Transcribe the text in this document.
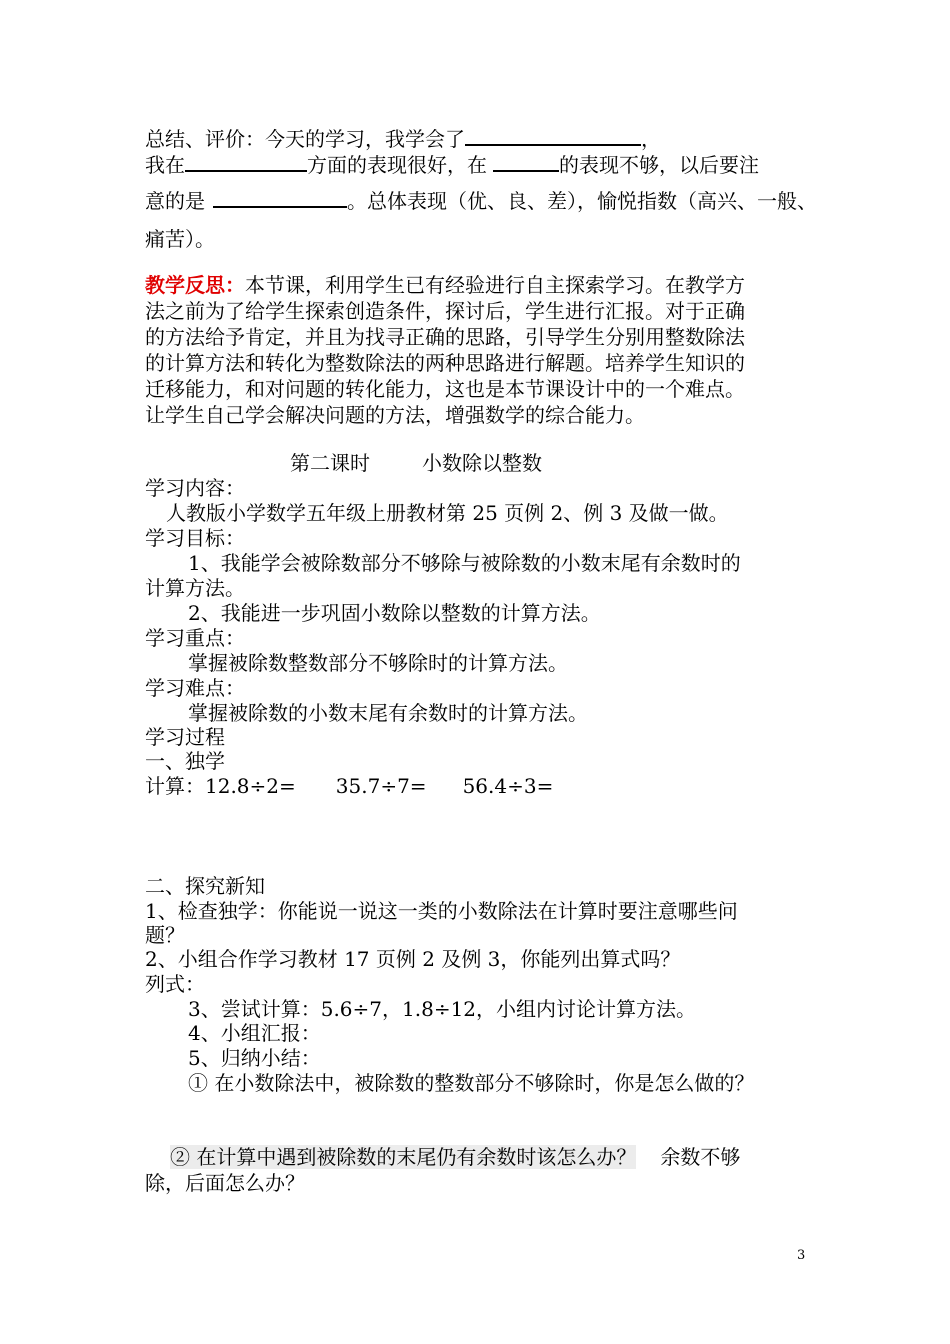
总结、评价：今天的学习，我学会了	，
我在	方面的表现很好，在	的表现不够，以后要注
意的是	。总体表现（优、良、差），愉悦指数（高兴、一般、
痛苦）。
教学反思：本节课，利用学生已有经验进行自主探索学习。在教学方
法之前为了给学生探索创造条件，探讨后，学生进行汇报。对于正确
的方法给予肯定，并且为找寻正确的思路，引导学生分别用整数除法
的计算方法和转化为整数除法的两种思路进行解题。培养学生知识的
迁移能力，和对问题的转化能力，这也是本节课设计中的一个难点。
让学生自己学会解决问题的方法，增强数学的综合能力。
第二课时	小数除以整数
学习内容：
人教版小学数学五年级上册教材第 25 页例 2、例 3 及做一做。
学习目标：
1、我能学会被除数部分不够除与被除数的小数末尾有余数时的
计算方法。
2、我能进一步巩固小数除以整数的计算方法。
学习重点：
掌握被除数整数部分不够除时的计算方法。
学习难点：
掌握被除数的小数末尾有余数时的计算方法。
学习过程
一、独学
计算：12.8÷2= 35.7÷7= 56.4÷3=
二、探究新知
1、检查独学：你能说一说这一类的小数除法在计算时要注意哪些问
题？
2、小组合作学习教材 17 页例 2 及例 3，你能列出算式吗？
列式：
3、尝试计算：5.6÷7，1.8÷12，小组内讨论计算方法。
4、小组汇报：
5、归纳小结：
① 在小数除法中，被除数的整数部分不够除时，你是怎么做的？
② 在计算中遇到被除数的末尾仍有余数时该怎么办？ 余数不够
除，后面怎么办？
3
